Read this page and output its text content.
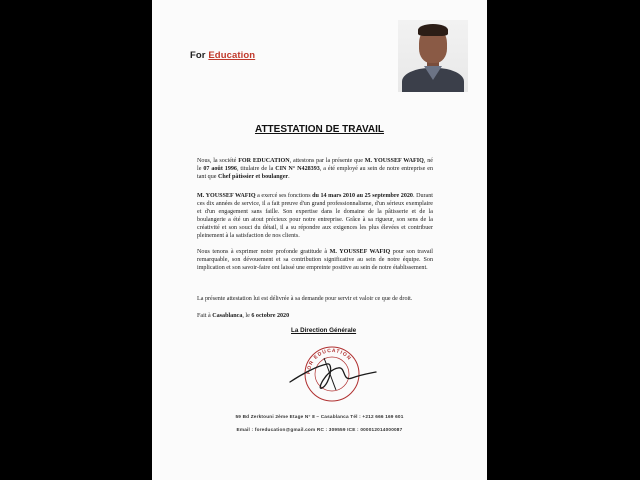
For Education
ATTESTATION DE TRAVAIL

Nous, la société FOR EDUCATION, attestons par la présente que M. YOUSSEF WAFIQ, né le 07 août 1996, titulaire de la CIN N° N428393, a été employé au sein de notre entreprise en tant que Chef pâtissier et boulanger.

M. YOUSSEF WAFIQ a exercé ses fonctions du 14 mars 2010 au 25 septembre 2020. Durant ces dix années de service, il a fait preuve d'un grand professionnalisme, d'un sérieux exemplaire et d'un engagement sans faille. Son expertise dans le domaine de la pâtisserie et de la boulangerie a été un atout précieux pour notre entreprise. Grâce à sa rigueur, son sens de la créativité et son souci du détail, il a su répondre aux exigences les plus élevées et contribuer pleinement à la satisfaction de nos clients.

Nous tenons à exprimer notre profonde gratitude à M. YOUSSEF WAFIQ pour son travail remarquable, son dévouement et sa contribution significative au sein de notre équipe. Son implication et son savoir-faire ont laissé une empreinte positive au sein de notre établissement.

La présente attestation lui est délivrée à sa demande pour servir et valoir ce que de droit.

Fait à Casablanca, le 6 octobre 2020

La Direction Générale
FOR EDUCATION
59 Bd Zerktouni 2ème Etage N° 8 – Casablanca Tél : +212 666 169 601
Email : foreducation@gmail.com RC : 309559 ICE : 000012014000087
